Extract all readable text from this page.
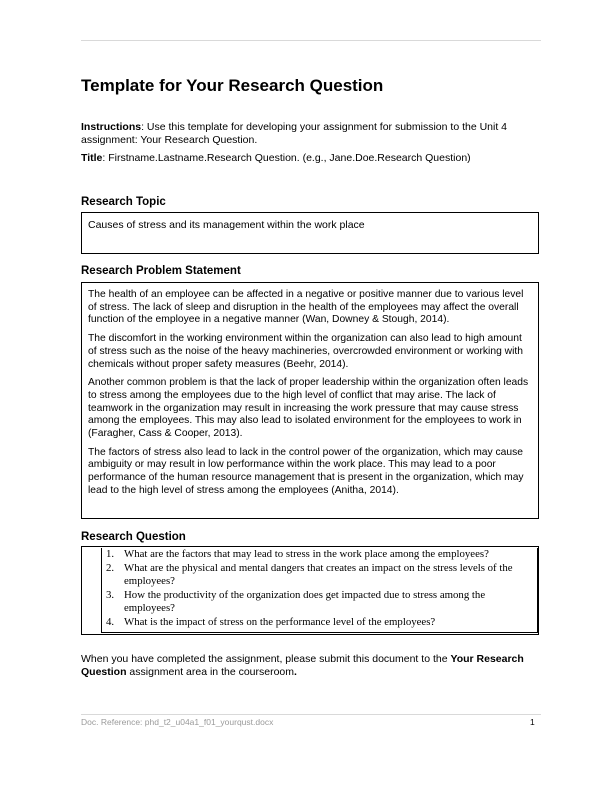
Template for Your Research Question
Instructions: Use this template for developing your assignment for submission to the Unit 4 assignment: Your Research Question.
Title: Firstname.Lastname.Research Question. (e.g., Jane.Doe.Research Question)
Research Topic
Causes of stress and its management within the work place
Research Problem Statement

The health of an employee can be affected in a negative or positive manner due to various level of stress. The lack of sleep and disruption in the health of the employees may affect the overall function of the employee in a negative manner (Wan, Downey & Stough, 2014).

The discomfort in the working environment within the organization can also lead to high amount of stress such as the noise of the heavy machineries, overcrowded environment or working with chemicals without proper safety measures (Beehr, 2014).

Another common problem is that the lack of proper leadership within the organization often leads to stress among the employees due to the high level of conflict that may arise. The lack of teamwork in the organization may result in increasing the work pressure that may cause stress among the employees. This may also lead to isolated environment for the employees to work in (Faragher, Cass & Cooper, 2013).

The factors of stress also lead to lack in the control power of the organization, which may cause ambiguity or may result in low performance within the work place. This may lead to a poor performance of the human resource management that is present in the organization, which may lead to the high level of stress among the employees (Anitha, 2014).

Research Question
1. What are the factors that may lead to stress in the work place among the employees?
2. What are the physical and mental dangers that creates an impact on the stress levels of the employees?
3. How the productivity of the organization does get impacted due to stress among the employees?
4. What is the impact of stress on the performance level of the employees?
When you have completed the assignment, please submit this document to the Your Research Question assignment area in the courseroom.
Doc. Reference: phd_t2_u04a1_f01_yourqust.docx	1
